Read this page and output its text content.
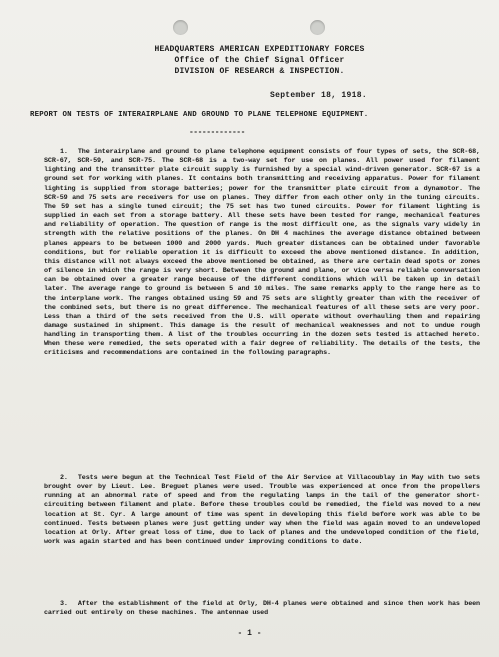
HEADQUARTERS AMERICAN EXPEDITIONARY FORCES
Office of the Chief Signal Officer
DIVISION OF RESEARCH & INSPECTION.
September 18, 1918.
REPORT ON TESTS OF INTERAIRPLANE AND GROUND TO PLANE TELEPHONE EQUIPMENT.
-------------
1. The interairplane and ground to plane telephone equipment consists of four types of sets, the SCR-68, SCR-67, SCR-59, and SCR-75. The SCR-68 is a two-way set for use on planes. All power used for filament lighting and the transmitter plate circuit supply is furnished by a special wind-driven generator. SCR-67 is a ground set for working with planes. It contains both transmitting and receiving apparatus. Power for filament lighting is supplied from storage batteries; power for the transmitter plate circuit from a dynamotor. The SCR-59 and 75 sets are receivers for use on planes. They differ from each other only in the tuning circuits. The 59 set has a single tuned circuit; the 75 set has two tuned circuits. Power for filament lighting is supplied in each set from a storage battery. All these sets have been tested for range, mechanical features and reliability of operation. The question of range is the most difficult one, as the signals vary widely in strength with the relative positions of the planes. On DH 4 machines the average distance obtained between planes appears to be between 1000 and 2000 yards. Much greater distances can be obtained under favorable conditions, but for reliable operation it is difficult to exceed the above mentioned distance. In addition, this distance will not always exceed the above mentioned be obtained, as there are certain dead spots or zones of silence in which the range is very short. Between the ground and plane, or vice versa reliable conversation can be obtained over a greater range because of the different conditions which will be taken up in detail later. The average range to ground is between 5 and 10 miles. The same remarks apply to the range here as to the interplane work. The ranges obtained using 59 and 75 sets are slightly greater than with the receiver of the combined sets, but there is no great difference. The mechanical features of all these sets are very poor. Less than a third of the sets received from the U.S. will operate without overhauling them and repairing damage sustained in shipment. This damage is the result of mechanical weaknesses and not to undue rough handling in transporting them. A list of the troubles occurring in the dozen sets tested is attached hereto. When these were remedied, the sets operated with a fair degree of reliability. The details of the tests, the criticisms and recommendations are contained in the following paragraphs.
2. Tests were begun at the Technical Test Field of the Air Service at Villacoublay in May with two sets brought over by Lieut. Lee. Breguet planes were used. Trouble was experienced at once from the propellers running at an abnormal rate of speed and from the regulating lamps in the tail of the generator short-circuiting between filament and plate. Before these troubles could be remedied, the field was moved to a new location at St. Cyr. A large amount of time was spent in developing this field before work was able to be continued. Tests between planes were just getting under way when the field was again moved to an undeveloped location at Orly. After great loss of time, due to lack of planes and the undeveloped condition of the field, work was again started and has been continued under improving conditions to date.
3. After the establishment of the field at Orly, DH-4 planes were obtained and since then work has been carried out entirely on these machines. The antennae used
- 1 -
